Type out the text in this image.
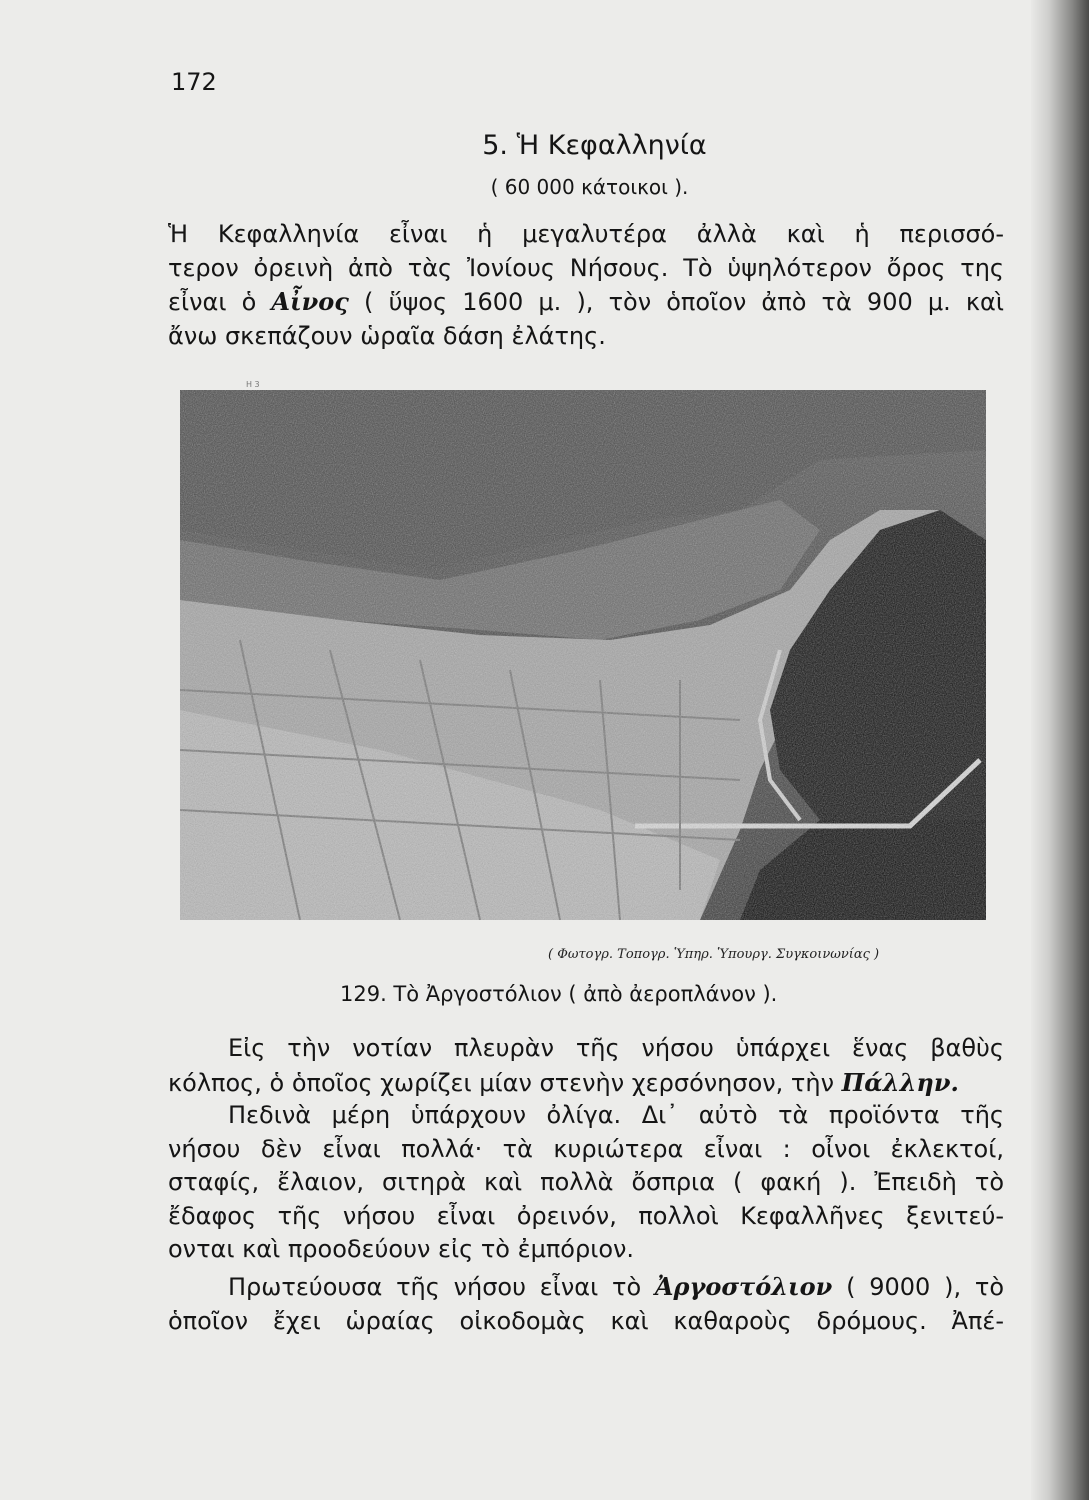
172
5. Ἡ Κεφαλληνία
( 60 000 κάτοικοι ).
Ἡ Κεφαλληνία εἶναι ἡ μεγαλυτέρα ἀλλὰ καὶ ἡ περισσό-
τερον ὀρεινὴ ἀπὸ τὰς Ἰονίους Νήσους. Τὸ ὑψηλότερον ὄρος της
εἶναι ὁ Αἶνος ( ὕψος 1600 μ. ), τὸν ὁποῖον ἀπὸ τὰ 900 μ. καὶ
ἄνω σκεπάζουν ὡραῖα δάση ἐλάτης.
Η 3
( Φωτογρ. Τοπογρ. Ὑπηρ. Ὑπουργ. Συγκοινωνίας )
129. Τὸ Ἀργοστόλιον ( ἀπὸ ἀεροπλάνον ).
Εἰς τὴν νοτίαν πλευρὰν τῆς νήσου ὑπάρχει ἕνας βαθὺς
κόλπος, ὁ ὁποῖος χωρίζει μίαν στενὴν χερσόνησον, τὴν Πάλλην.
Πεδινὰ μέρη ὑπάρχουν ὀλίγα. Δι᾿ αὐτὸ τὰ προϊόντα τῆς
νήσου δὲν εἶναι πολλά· τὰ κυριώτερα εἶναι : οἶνοι ἐκλεκτοί,
σταφίς, ἔλαιον, σιτηρὰ καὶ πολλὰ ὄσπρια ( φακή ). Ἐπειδὴ τὸ
ἔδαφος τῆς νήσου εἶναι ὀρεινόν, πολλοὶ Κεφαλλῆνες ξενιτεύ-
ονται καὶ προοδεύουν εἰς τὸ ἐμπόριον.
Πρωτεύουσα τῆς νήσου εἶναι τὸ Ἀργοστόλιον ( 9000 ), τὸ
ὁποῖον ἔχει ὡραίας οἰκοδομὰς καὶ καθαροὺς δρόμους. Ἀπέ-
